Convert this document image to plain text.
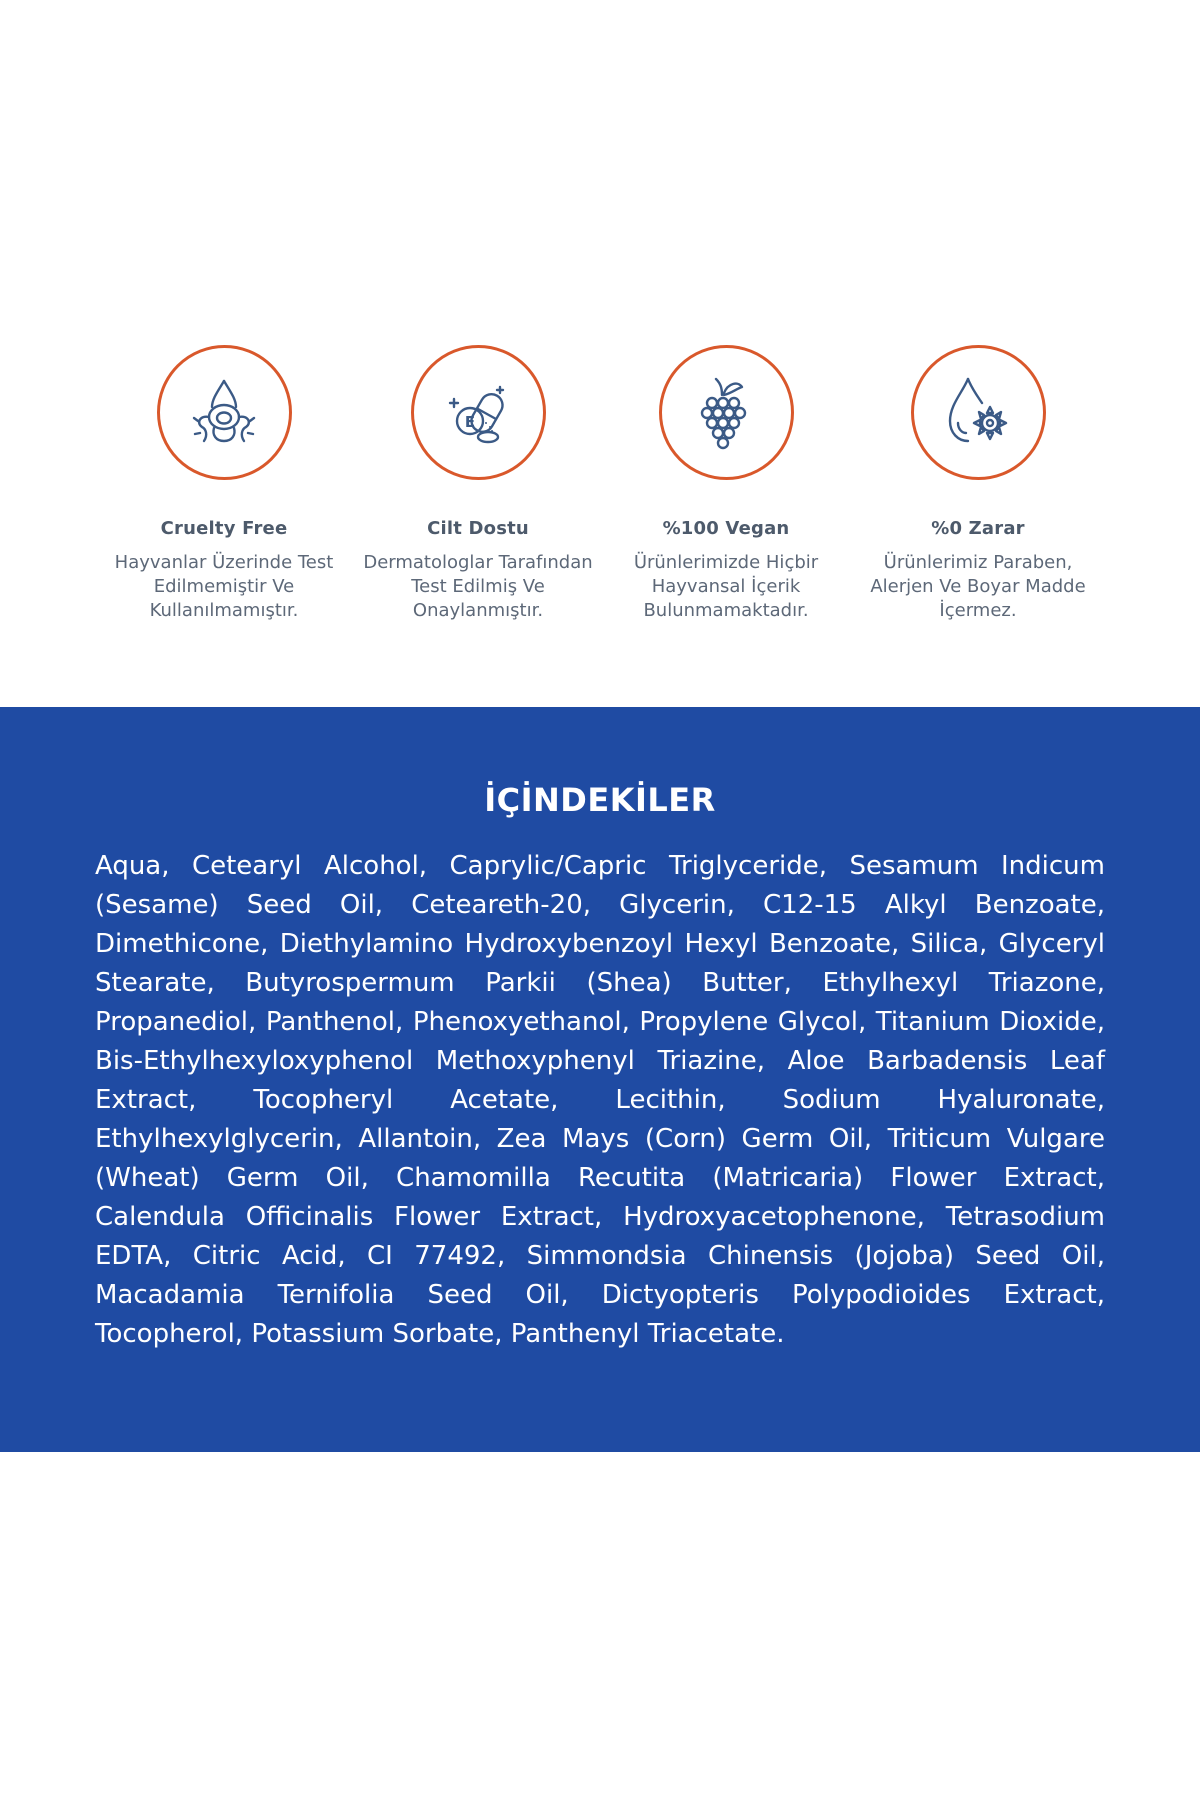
Cruelty Free
Hayvanlar Üzerinde Test Edilmemiştir Ve Kullanılmamıştır.
E
Cilt Dostu
Dermatologlar Tarafından Test Edilmiş Ve Onaylanmıştır.
%100 Vegan
Ürünlerimizde Hiçbir Hayvansal İçerik Bulunmamaktadır.
%0 Zarar
Ürünlerimiz Paraben, Alerjen Ve Boyar Madde İçermez.
İÇİNDEKİLER

Aqua, Cetearyl Alcohol, Caprylic/Capric Triglyceride, Sesamum Indicum (Sesame) Seed Oil, Ceteareth-20, Glycerin, C12-15 Alkyl Benzoate, Dimethicone, Diethylamino Hydroxybenzoyl Hexyl Benzoate, Silica, Glyceryl Stearate, Butyrospermum Parkii (Shea) Butter, Ethylhexyl Triazone, Propanediol, Panthenol, Phenoxyethanol, Propylene Glycol, Titanium Dioxide, Bis-Ethylhexyloxyphenol Methoxyphenyl Triazine, Aloe Barbadensis Leaf Extract, Tocopheryl Acetate, Lecithin, Sodium Hyaluronate, Ethylhexylglycerin, Allantoin, Zea Mays (Corn) Germ Oil, Triticum Vulgare (Wheat) Germ Oil, Chamomilla Recutita (Matricaria) Flower Extract, Calendula Officinalis Flower Extract, Hydroxyacetophenone, Tetrasodium EDTA, Citric Acid, CI 77492, Simmondsia Chinensis (Jojoba) Seed Oil, Macadamia Ternifolia Seed Oil, Dictyopteris Polypodioides Extract, Tocopherol, Potassium Sorbate, Panthenyl Triacetate.
